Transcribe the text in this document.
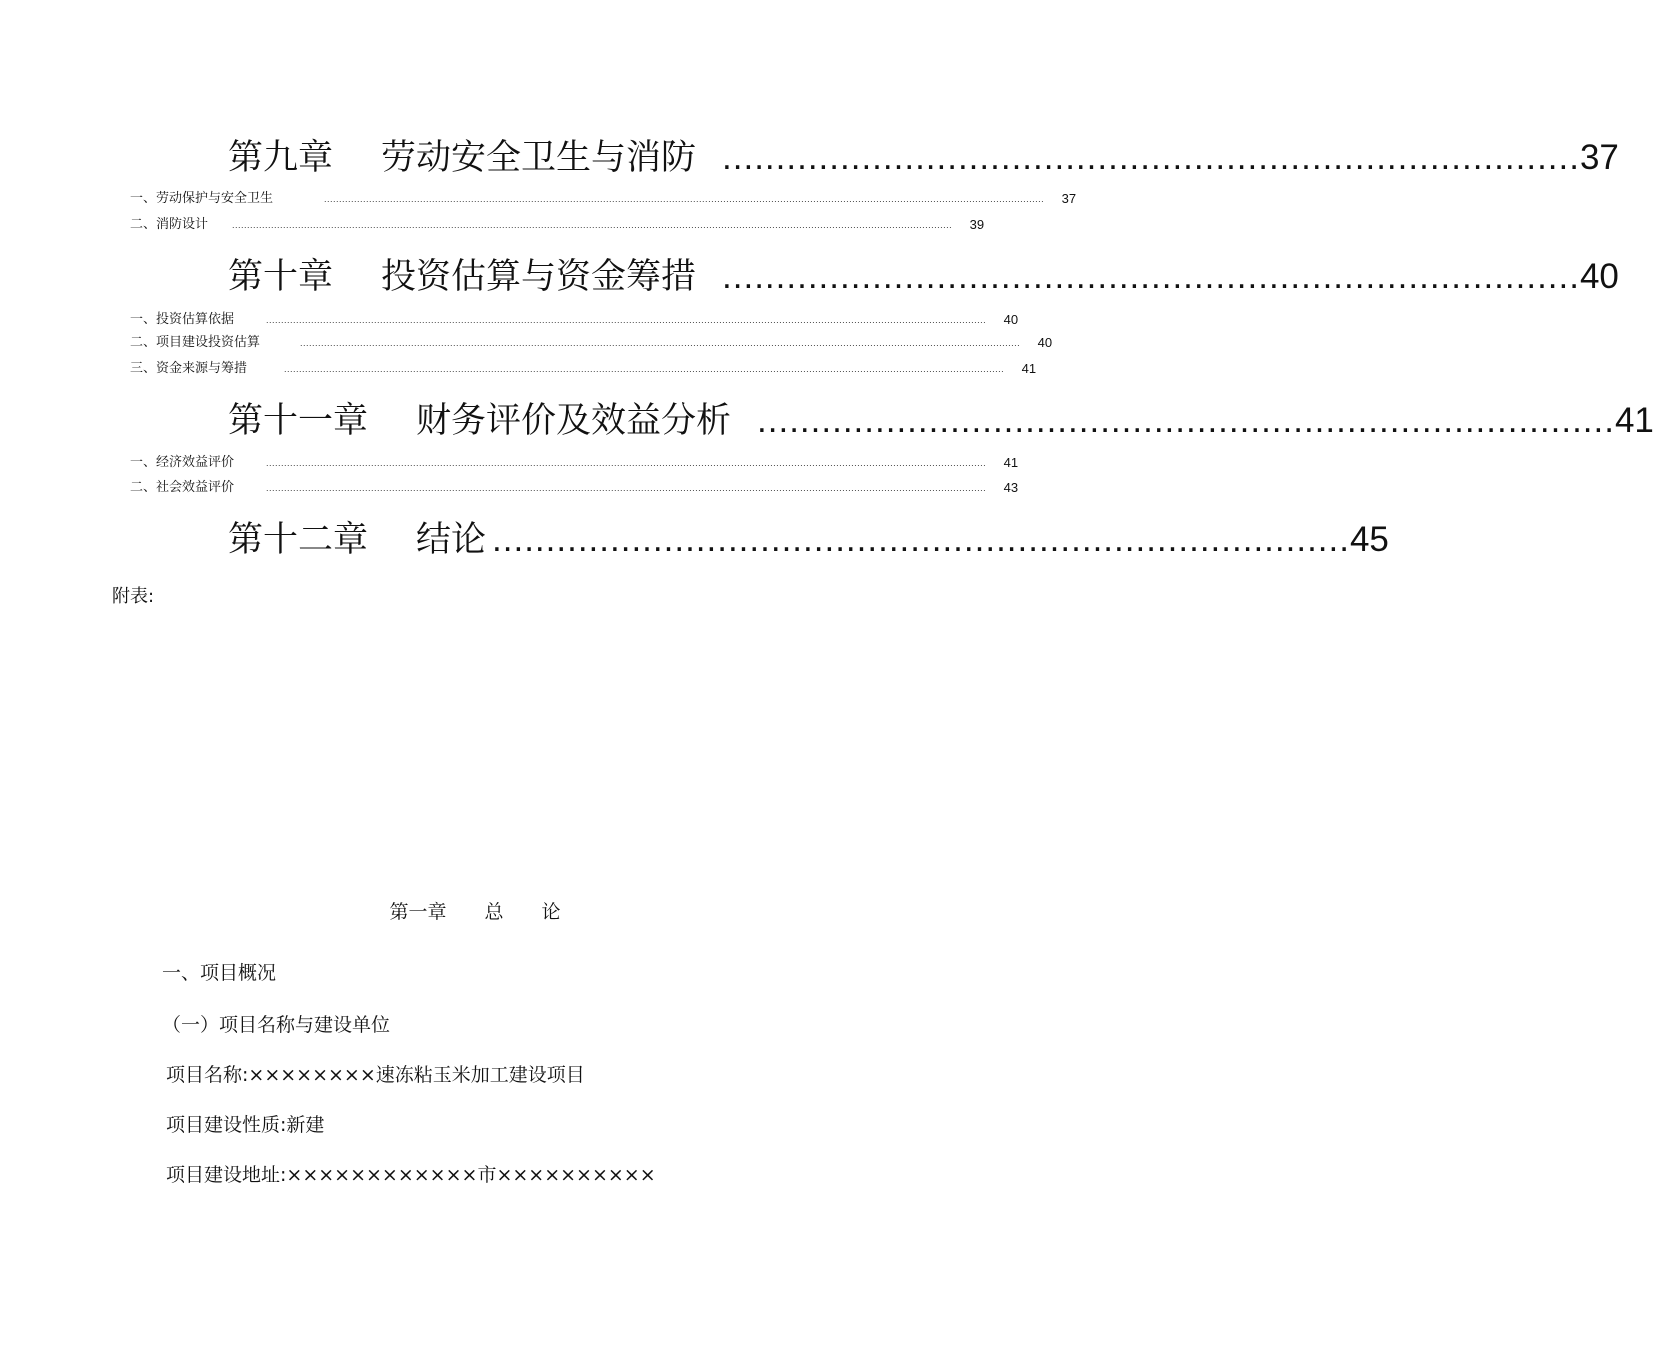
第九章 劳动安全卫生与消防 ................................................................................ 37
一、劳动保护与安全卫生	................................................................................................................................................................................................................................................	37
二、消防设计	................................................................................................................................................................................................................................................	39
第十章 投资估算与资金筹措 ................................................................................ 40
一、投资估算依据	................................................................................................................................................................................................................................................	40
二、项目建设投资估算	................................................................................................................................................................................................................................................	40
三、资金来源与筹措	................................................................................................................................................................................................................................................	41
第十一章 财务评价及效益分析 ................................................................................ 41
一、经济效益评价	................................................................................................................................................................................................................................................	41
二、社会效益评价	................................................................................................................................................................................................................................................	43
第十二章 结论 ................................................................................ 45
附表:
第一章　　总　　论
一、项目概况
（一）项目名称与建设单位
项目名称:××××××××速冻粘玉米加工建设项目
项目建设性质:新建
项目建设地址:××××××××××××市××××××××××
